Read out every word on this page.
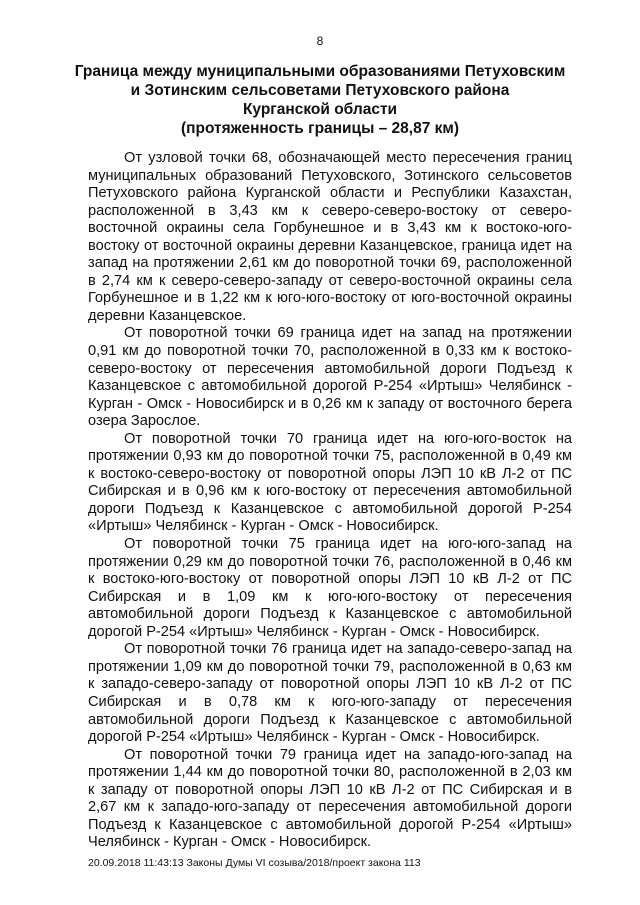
8
Граница между муниципальными образованиями Петуховским
и Зотинским сельсоветами Петуховского района
Курганской области
(протяженность границы – 28,87 км)

От узловой точки 68, обозначающей место пересечения границ муниципальных образований Петуховского, Зотинского сельсоветов Петуховского района Курганской области и Республики Казахстан, расположенной в 3,43 км к северо-северо-востоку от северо-восточной окраины села Горбунешное и в 3,43 км к востоко-юго-востоку от восточной окраины деревни Казанцевское, граница идет на запад на протяжении 2,61 км до поворотной точки 69, расположенной в 2,74 км к северо-северо-западу от северо-восточной окраины села Горбунешное и в 1,22 км к юго-юго-востоку от юго-восточной окраины деревни Казанцевское.

От поворотной точки 69 граница идет на запад на протяжении 0,91 км до поворотной точки 70, расположенной в 0,33 км к востоко-северо-востоку от пересечения автомобильной дороги Подъезд к Казанцевское с автомобильной дорогой Р-254 «Иртыш» Челябинск - Курган - Омск - Новосибирск и в 0,26 км к западу от восточного берега озера Зарослое.

От поворотной точки 70 граница идет на юго-юго-восток на протяжении 0,93 км до поворотной точки 75, расположенной в 0,49 км к востоко-северо-востоку от поворотной опоры ЛЭП 10 кВ Л-2 от ПС Сибирская и в 0,96 км к юго-востоку от пересечения автомобильной дороги Подъезд к Казанцевское с автомобильной дорогой Р-254 «Иртыш» Челябинск - Курган - Омск - Новосибирск.

От поворотной точки 75 граница идет на юго-юго-запад на протяжении 0,29 км до поворотной точки 76, расположенной в 0,46 км к востоко-юго-востоку от поворотной опоры ЛЭП 10 кВ Л-2 от ПС Сибирская и в 1,09 км к юго-юго-востоку от пересечения автомобильной дороги Подъезд к Казанцевское с автомобильной дорогой Р-254 «Иртыш» Челябинск - Курган - Омск - Новосибирск.

От поворотной точки 76 граница идет на западо-северо-запад на протяжении 1,09 км до поворотной точки 79, расположенной в 0,63 км к западо-северо-западу от поворотной опоры ЛЭП 10 кВ Л-2 от ПС Сибирская и в 0,78 км к юго-юго-западу от пересечения автомобильной дороги Подъезд к Казанцевское с автомобильной дорогой Р-254 «Иртыш» Челябинск - Курган - Омск - Новосибирск.

От поворотной точки 79 граница идет на западо-юго-запад на протяжении 1,44 км до поворотной точки 80, расположенной в 2,03 км к западу от поворотной опоры ЛЭП 10 кВ Л-2 от ПС Сибирская и в 2,67 км к западо-юго-западу от пересечения автомобильной дороги Подъезд к Казанцевское с автомобильной дорогой Р-254 «Иртыш» Челябинск - Курган - Омск - Новосибирск.

20.09.2018 11:43:13 Законы Думы VI созыва/2018/проект закона 113
